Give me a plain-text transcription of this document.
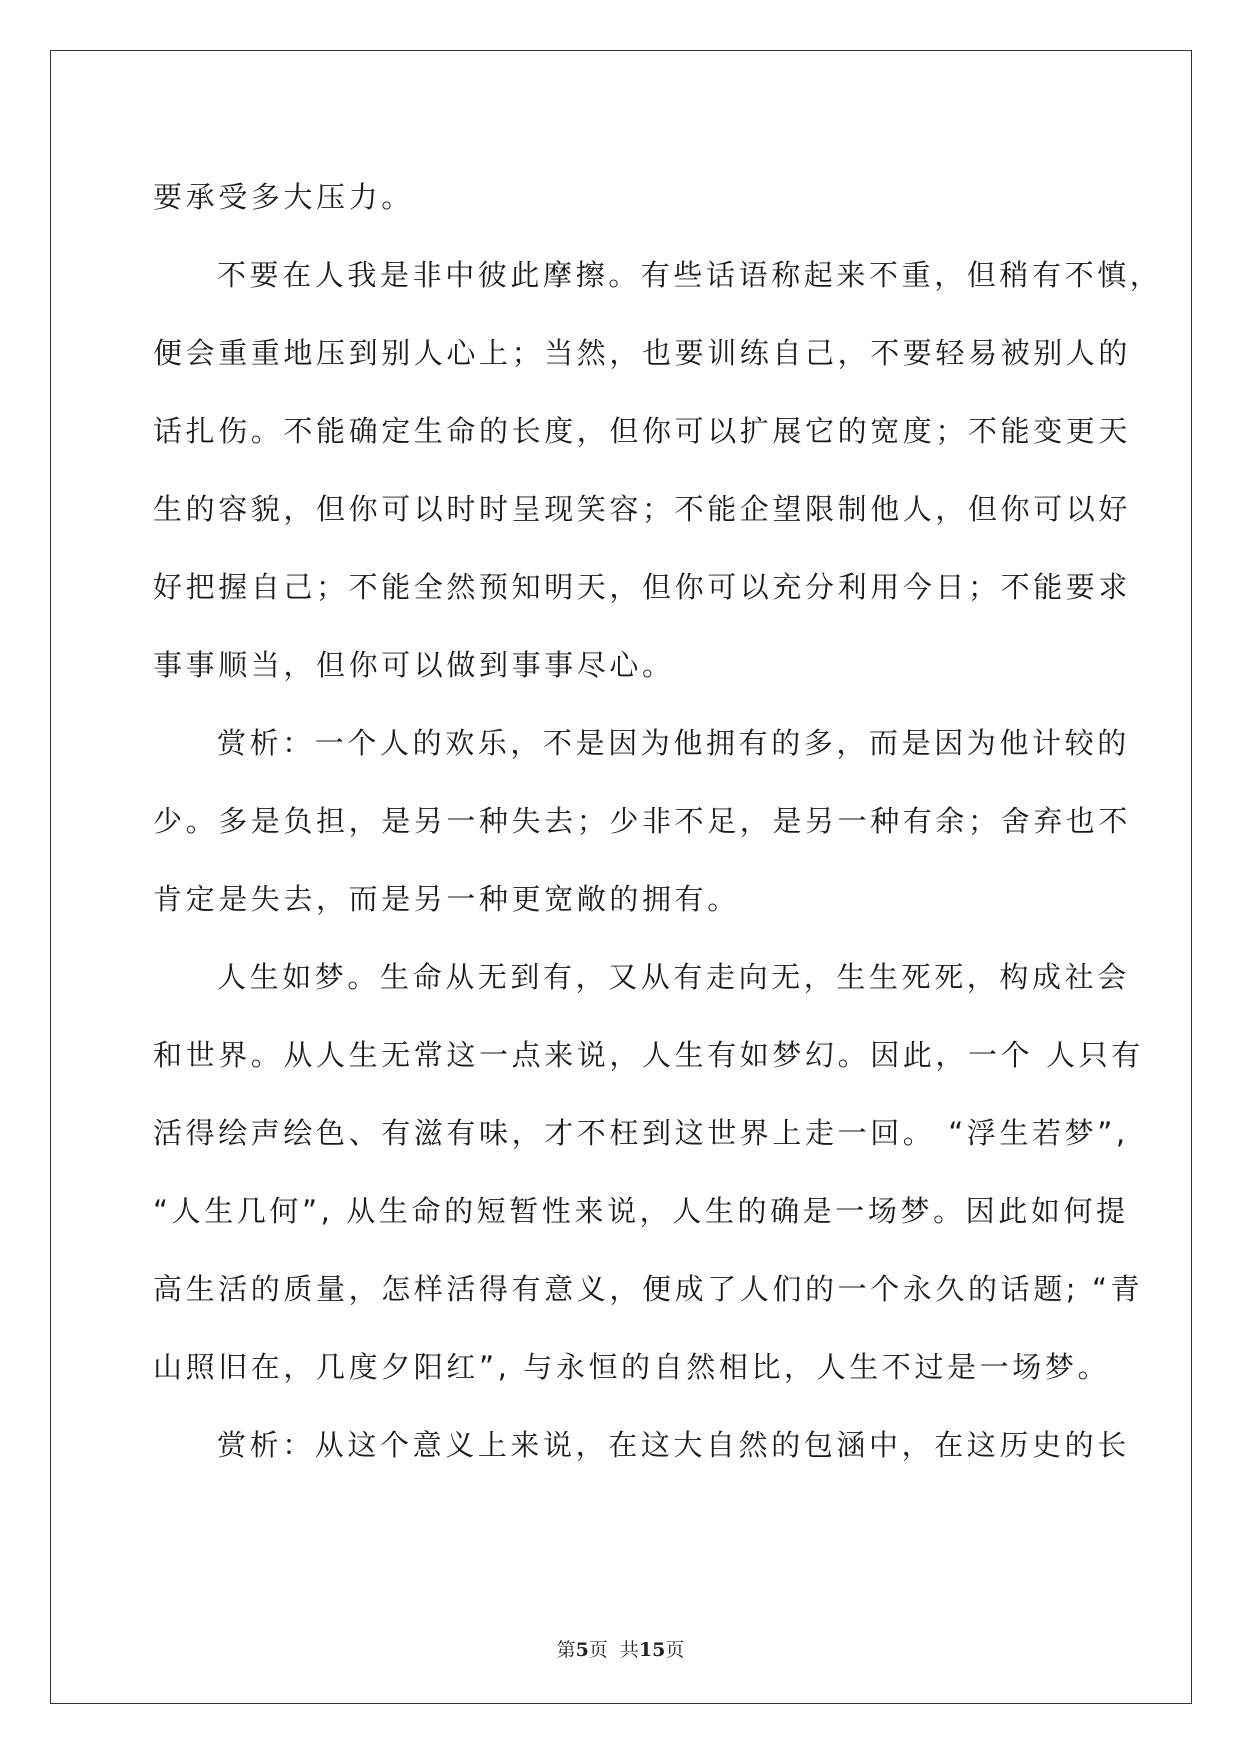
要承受多大压力。
不要在人我是非中彼此摩擦。有些话语称起来不重，但稍有不慎，
便会重重地压到别人心上；当然，也要训练自己，不要轻易被别人的
话扎伤。不能确定生命的长度，但你可以扩展它的宽度；不能变更天
生的容貌，但你可以时时呈现笑容；不能企望限制他人，但你可以好
好把握自己；不能全然预知明天，但你可以充分利用今日；不能要求
事事顺当，但你可以做到事事尽心。
赏析：一个人的欢乐，不是因为他拥有的多，而是因为他计较的
少。多是负担，是另一种失去；少非不足，是另一种有余；舍弃也不
肯定是失去，而是另一种更宽敞的拥有。
人生如梦。生命从无到有，又从有走向无，生生死死，构成社会
和世界。从人生无常这一点来说，人生有如梦幻。因此，一个 人只有
活得绘声绘色、有滋有味，才不枉到这世界上走一回。 “浮生若梦”,
“人生几何”, 从生命的短暂性来说，人生的确是一场梦。因此如何提
高生活的质量，怎样活得有意义，便成了人们的一个永久的话题; “青
山照旧在，几度夕阳红”, 与永恒的自然相比，人生不过是一场梦。
赏析：从这个意义上来说，在这大自然的包涵中，在这历史的长
第5页  共15页
